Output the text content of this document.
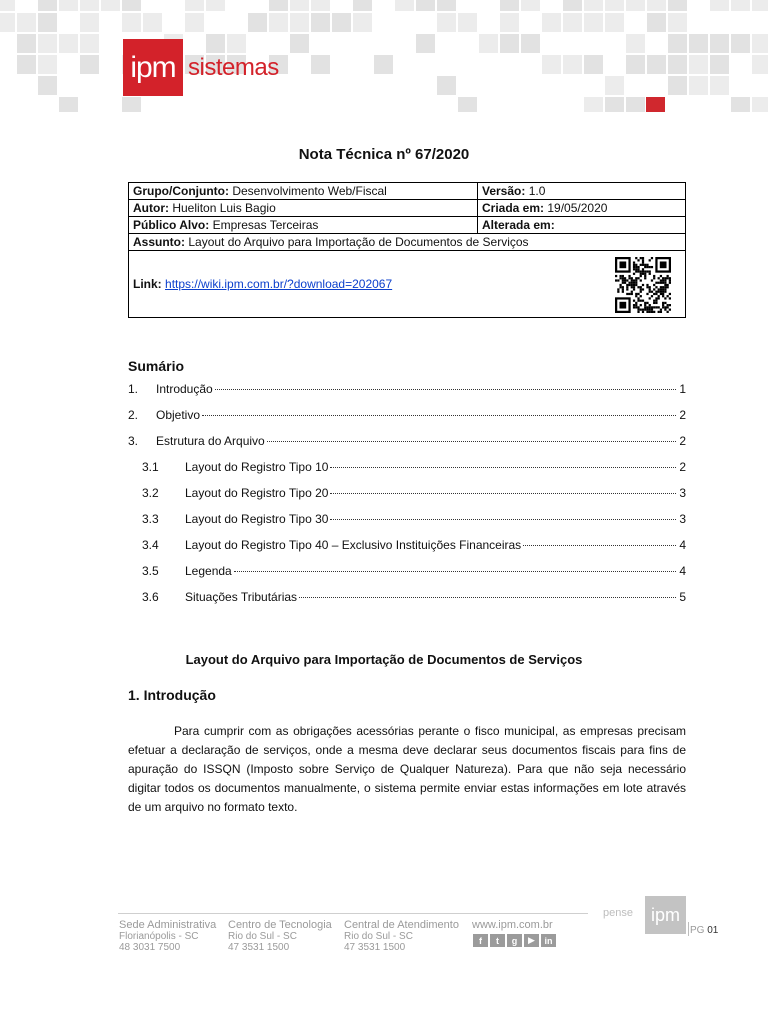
ipm sistemas
Nota Técnica nº 67/2020
Grupo/Conjunto: Desenvolvimento Web/Fiscal	Versão: 1.0
Autor: Hueliton Luis Bagio	Criada em: 19/05/2020
Público Alvo: Empresas Terceiras	Alterada em:
Assunto: Layout do Arquivo para Importação de Documentos de Serviços	
Link: https://wiki.ipm.com.br/?download=202067	
Sumário
1.	Introdução	1
2.	Objetivo	2
3.	Estrutura do Arquivo	2
3.1	Layout do Registro Tipo 10	2
3.2	Layout do Registro Tipo 20	3
3.3	Layout do Registro Tipo 30	3
3.4	Layout do Registro Tipo 40 – Exclusivo Instituições Financeiras	4
3.5	Legenda	4
3.6	Situações Tributárias	5
Layout do Arquivo para Importação de Documentos de Serviços
1. Introdução
Para cumprir com as obrigações acessórias perante o fisco municipal, as empresas precisam efetuar a declaração de serviços, onde a mesma deve declarar seus documentos fiscais para fins de apuração do ISSQN (Imposto sobre Serviço de Qualquer Natureza). Para que não seja necessário digitar todos os documentos manualmente, o sistema permite enviar estas informações em lote através de um arquivo no formato texto.
Sede Administrativa
Florianópolis - SC
48 3031 7500
Centro de Tecnologia
Rio do Sul - SC
47 3531 1500
Central de Atendimento
Rio do Sul - SC
47 3531 1500
www.ipm.com.br
f	t	g	▶	in
pense	ipm
PG 01
